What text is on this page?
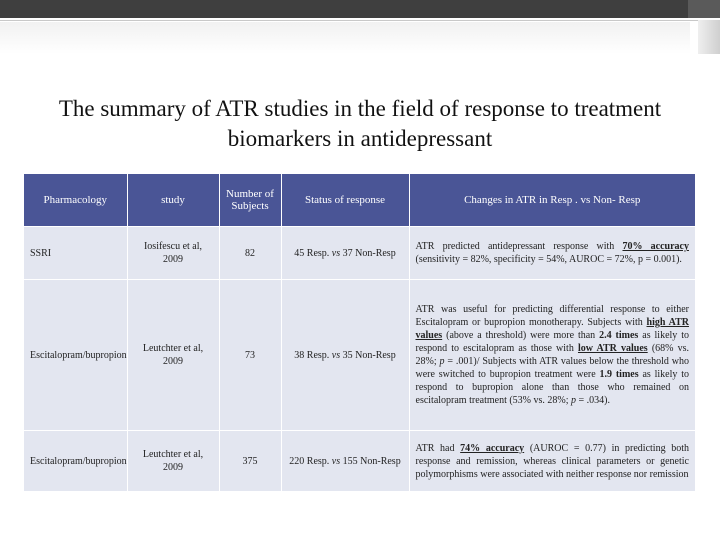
The summary of ATR studies in the field of response to treatment
biomarkers in antidepressant
Pharmacology	study	Number of Subjects	Status of response	Changes in ATR in Resp . vs Non- Resp
SSRI	Iosifescu et al, 2009	82	45 Resp. vs 37 Non-Resp	ATR predicted antidepressant response with 70% accuracy (sensitivity = 82%, specificity = 54%, AUROC = 72%, p = 0.001).
Escitalopram/bupropion	Leutchter et al, 2009	73	38 Resp. vs 35 Non-Resp	ATR was useful for predicting differential response to either Escitalopram or bupropion monotherapy. Subjects with high ATR values (above a threshold) were more than 2.4 times as likely to respond to escitalopram as those with low ATR values (68% vs. 28%; p = .001)/ Subjects with ATR values below the threshold who were switched to bupropion treatment were 1.9 times as likely to respond to bupropion alone than those who remained on escitalopram treatment (53% vs. 28%; p = .034).
Escitalopram/bupropion	Leutchter et al, 2009	375	220 Resp. vs 155 Non-Resp	ATR had 74% accuracy (AUROC = 0.77) in predicting both response and remission, whereas clinical parameters or genetic polymorphisms were associated with neither response nor remission
